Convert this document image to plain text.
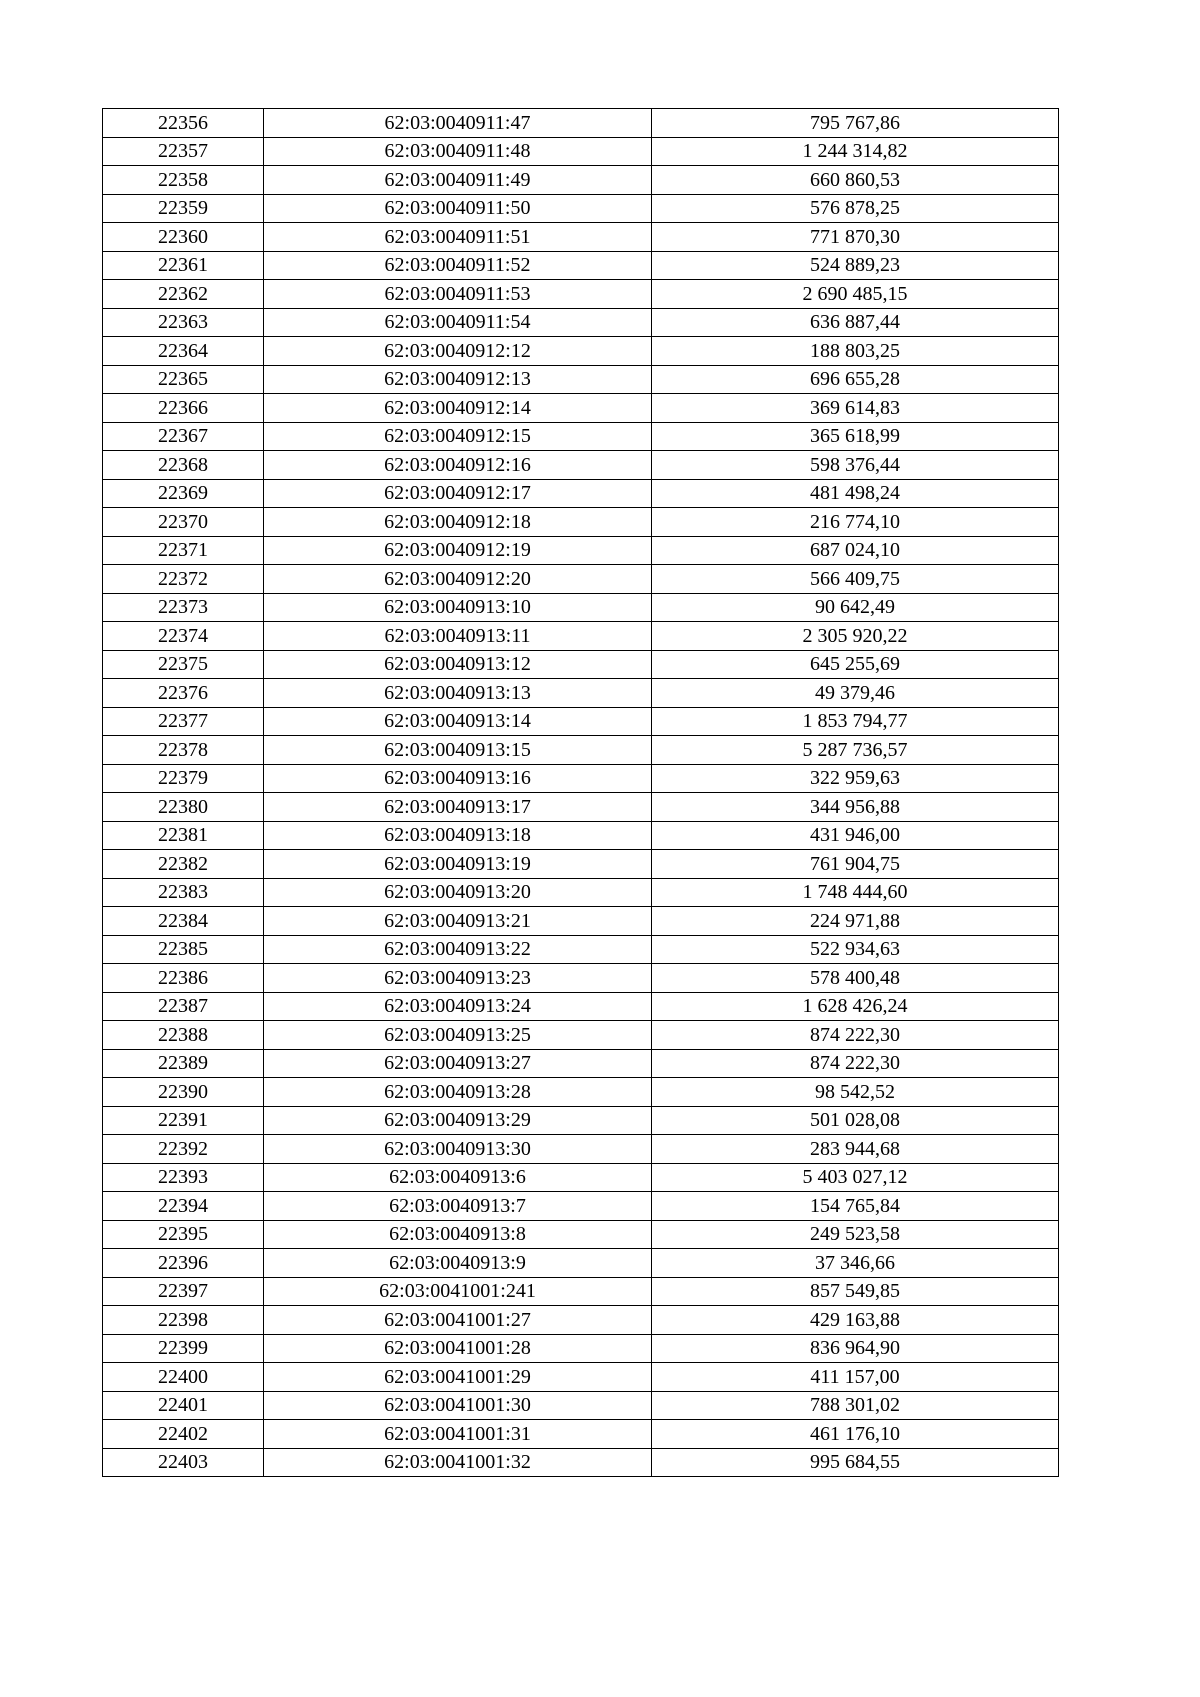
22356	62:03:0040911:47	795 767,86
22357	62:03:0040911:48	1 244 314,82
22358	62:03:0040911:49	660 860,53
22359	62:03:0040911:50	576 878,25
22360	62:03:0040911:51	771 870,30
22361	62:03:0040911:52	524 889,23
22362	62:03:0040911:53	2 690 485,15
22363	62:03:0040911:54	636 887,44
22364	62:03:0040912:12	188 803,25
22365	62:03:0040912:13	696 655,28
22366	62:03:0040912:14	369 614,83
22367	62:03:0040912:15	365 618,99
22368	62:03:0040912:16	598 376,44
22369	62:03:0040912:17	481 498,24
22370	62:03:0040912:18	216 774,10
22371	62:03:0040912:19	687 024,10
22372	62:03:0040912:20	566 409,75
22373	62:03:0040913:10	90 642,49
22374	62:03:0040913:11	2 305 920,22
22375	62:03:0040913:12	645 255,69
22376	62:03:0040913:13	49 379,46
22377	62:03:0040913:14	1 853 794,77
22378	62:03:0040913:15	5 287 736,57
22379	62:03:0040913:16	322 959,63
22380	62:03:0040913:17	344 956,88
22381	62:03:0040913:18	431 946,00
22382	62:03:0040913:19	761 904,75
22383	62:03:0040913:20	1 748 444,60
22384	62:03:0040913:21	224 971,88
22385	62:03:0040913:22	522 934,63
22386	62:03:0040913:23	578 400,48
22387	62:03:0040913:24	1 628 426,24
22388	62:03:0040913:25	874 222,30
22389	62:03:0040913:27	874 222,30
22390	62:03:0040913:28	98 542,52
22391	62:03:0040913:29	501 028,08
22392	62:03:0040913:30	283 944,68
22393	62:03:0040913:6	5 403 027,12
22394	62:03:0040913:7	154 765,84
22395	62:03:0040913:8	249 523,58
22396	62:03:0040913:9	37 346,66
22397	62:03:0041001:241	857 549,85
22398	62:03:0041001:27	429 163,88
22399	62:03:0041001:28	836 964,90
22400	62:03:0041001:29	411 157,00
22401	62:03:0041001:30	788 301,02
22402	62:03:0041001:31	461 176,10
22403	62:03:0041001:32	995 684,55
